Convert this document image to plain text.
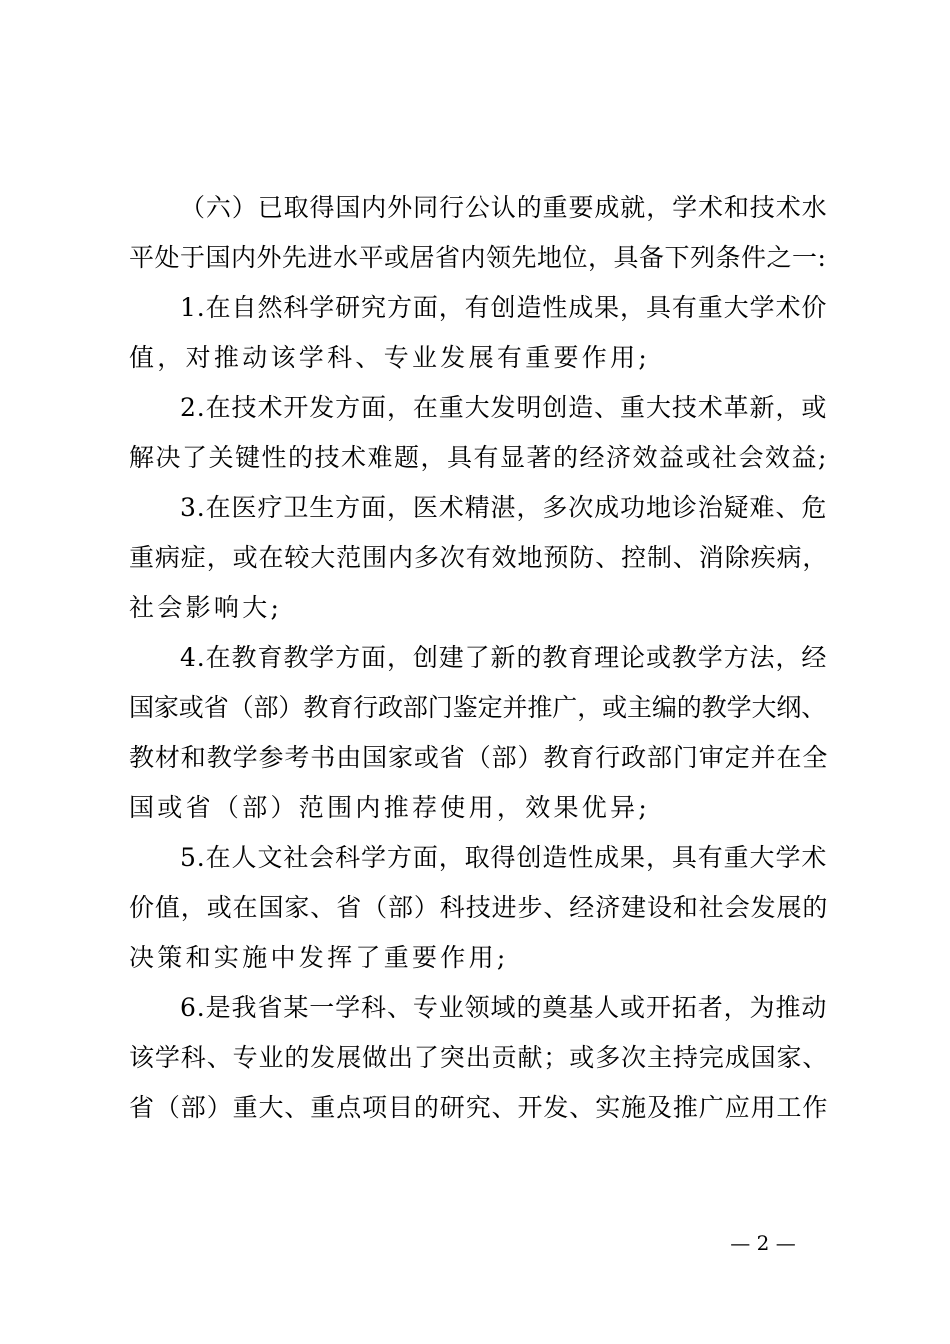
（六）已取得国内外同行公认的重要成就，学术和技术水
平处于国内外先进水平或居省内领先地位，具备下列条件之一:
1.在自然科学研究方面，有创造性成果，具有重大学术价
值，对推动该学科、专业发展有重要作用;
2.在技术开发方面，在重大发明创造、重大技术革新，或
解决了关键性的技术难题，具有显著的经济效益或社会效益;
3.在医疗卫生方面，医术精湛，多次成功地诊治疑难、危
重病症，或在较大范围内多次有效地预防、控制、消除疾病，
社会影响大;
4.在教育教学方面，创建了新的教育理论或教学方法，经
国家或省（部）教育行政部门鉴定并推广，或主编的教学大纲、
教材和教学参考书由国家或省（部）教育行政部门审定并在全
国或省（部）范围内推荐使用，效果优异;
5.在人文社会科学方面，取得创造性成果，具有重大学术
价值，或在国家、省（部）科技进步、经济建设和社会发展的
决策和实施中发挥了重要作用;
6.是我省某一学科、专业领域的奠基人或开拓者，为推动
该学科、专业的发展做出了突出贡献；或多次主持完成国家、
省（部）重大、重点项目的研究、开发、实施及推广应用工作
— 2 —
